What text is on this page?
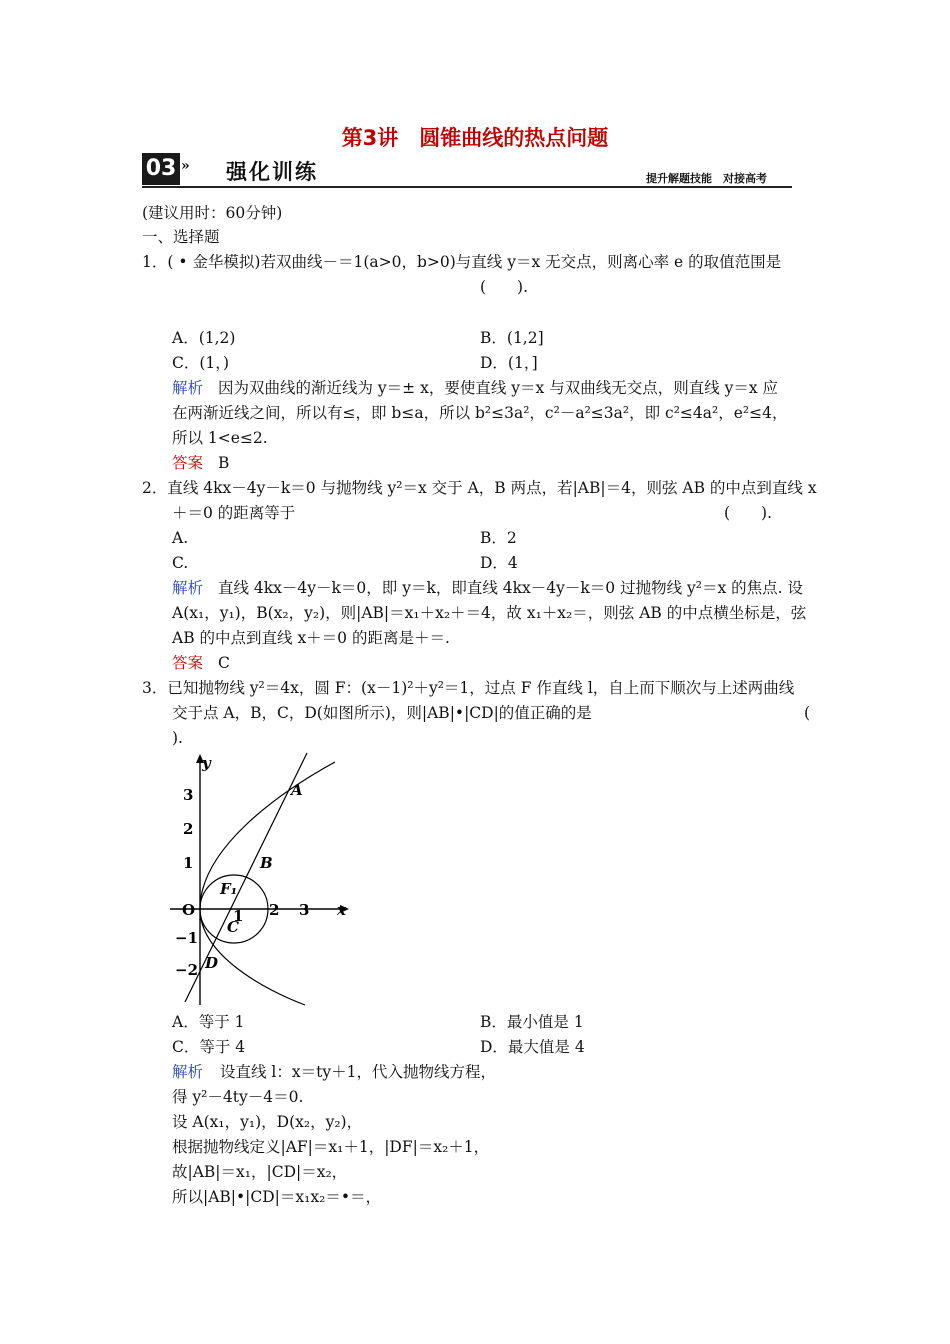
第3讲　圆锥曲线的热点问题
03 » 强化训练	提升解题技能　对接高考
(建议用时：60分钟)
一、选择题
1．( • 金华模拟)若双曲线－＝1(a>0，b>0)与直线 y＝x 无交点，则离心率 e 的取值范围是
(　　).
A．(1,2)	B．(1,2]
C．(1，)	D．(1，]
解析 因为双曲线的渐近线为 y＝± x，要使直线 y＝x 与双曲线无交点，则直线 y＝x 应
在两渐近线之间，所以有≤，即 b≤a，所以 b²≤3a²，c²－a²≤3a²，即 c²≤4a²，e²≤4，
所以 1<e≤2.
答案 B
2．直线 4kx－4y－k＝0 与抛物线 y²＝x 交于 A，B 两点，若|AB|＝4，则弦 AB 的中点到直线 x
＋＝0 的距离等于	(　　).
A.	B．2
C.	D．4
解析 直线 4kx－4y－k＝0，即 y＝k，即直线 4kx－4y－k＝0 过抛物线 y²＝x 的焦点. 设
A(x₁，y₁)，B(x₂，y₂)，则|AB|＝x₁＋x₂＋＝4，故 x₁＋x₂＝，则弦 AB 的中点横坐标是，弦
AB 的中点到直线 x＋＝0 的距离是＋＝.
答案 C
3．已知抛物线 y²＝4x，圆 F：(x－1)²＋y²＝1，过点 F 作直线 l，自上而下顺次与上述两曲线
交于点 A，B，C，D(如图所示)，则|AB|•|CD|的值正确的是	(
).
y
x
O	1 2 3
3
2
1
−1
−2
A
B
C
D
F₁
A．等于 1	B．最小值是 1
C．等于 4	D．最大值是 4
解析 设直线 l：x＝ty＋1，代入抛物线方程，
得 y²－4ty－4＝0.
设 A(x₁，y₁)，D(x₂，y₂)，
根据抛物线定义|AF|＝x₁＋1，|DF|＝x₂＋1，
故|AB|＝x₁，|CD|＝x₂，
所以|AB|•|CD|＝x₁x₂＝•＝，
